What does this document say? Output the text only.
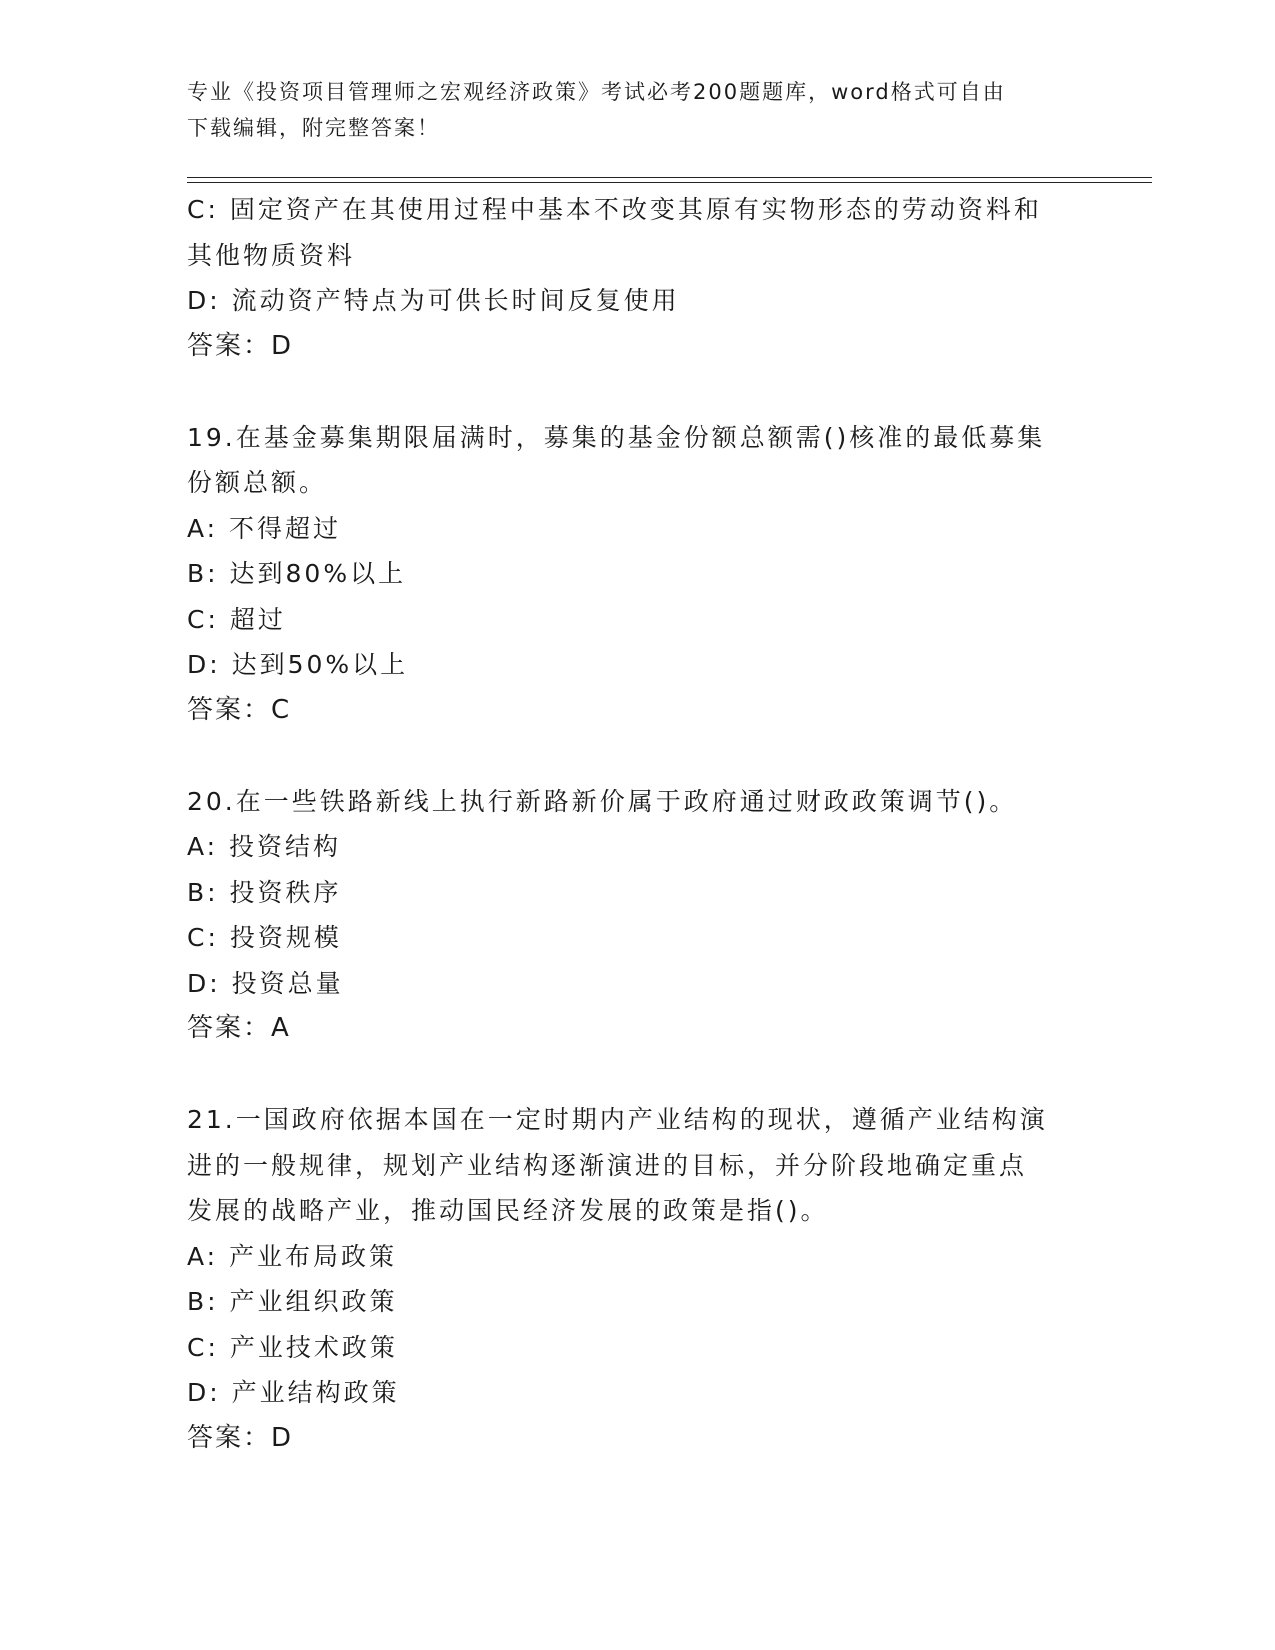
专业《投资项目管理师之宏观经济政策》考试必考200题题库，word格式可自由
下载编辑，附完整答案！
C: 固定资产在其使用过程中基本不改变其原有实物形态的劳动资料和
其他物质资料
D: 流动资产特点为可供长时间反复使用
答案：D
19.在基金募集期限届满时，募集的基金份额总额需()核准的最低募集
份额总额。
A: 不得超过
B: 达到80%以上
C: 超过
D: 达到50%以上
答案：C
20.在一些铁路新线上执行新路新价属于政府通过财政政策调节()。
A: 投资结构
B: 投资秩序
C: 投资规模
D: 投资总量
答案：A
21.一国政府依据本国在一定时期内产业结构的现状，遵循产业结构演
进的一般规律，规划产业结构逐渐演进的目标，并分阶段地确定重点
发展的战略产业，推动国民经济发展的政策是指()。
A: 产业布局政策
B: 产业组织政策
C: 产业技术政策
D: 产业结构政策
答案：D
